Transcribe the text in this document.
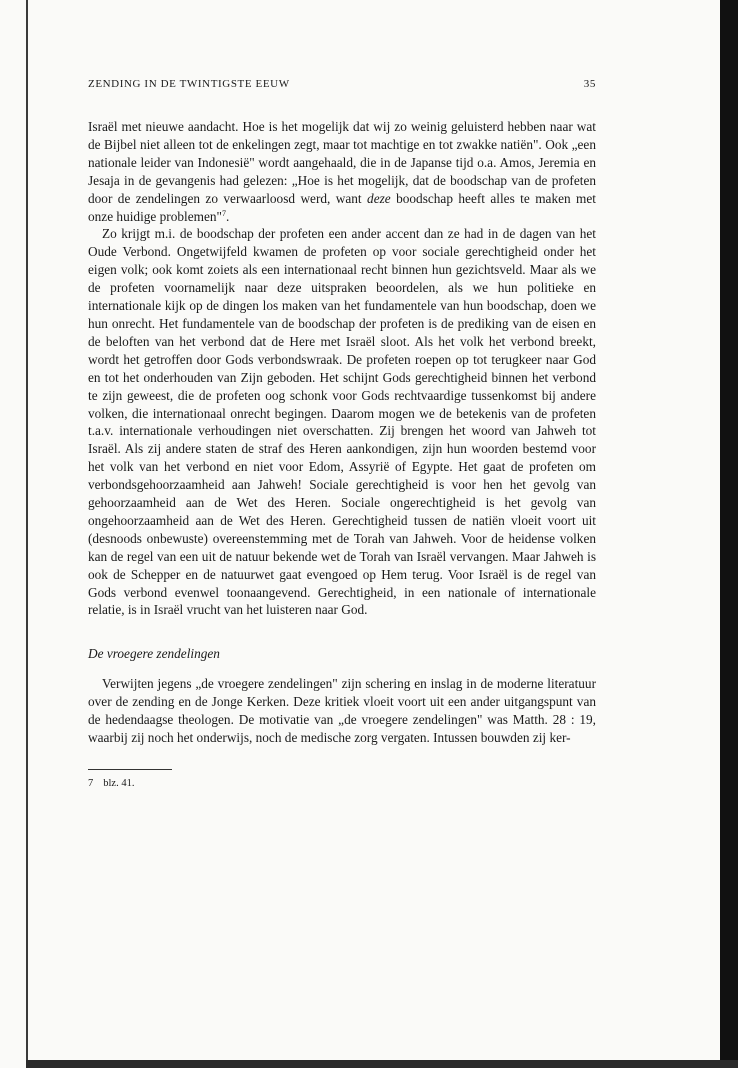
ZENDING IN DE TWINTIGSTE EEUW	35

Israël met nieuwe aandacht. Hoe is het mogelijk dat wij zo weinig geluisterd hebben naar wat de Bijbel niet alleen tot de enkelingen zegt, maar tot machtige en tot zwakke natiën". Ook „een nationale leider van Indonesië" wordt aangehaald, die in de Japanse tijd o.a. Amos, Jeremia en Jesaja in de gevangenis had gelezen: „Hoe is het mogelijk, dat de boodschap van de profeten door de zendelingen zo verwaarloosd werd, want deze boodschap heeft alles te maken met onze huidige problemen"$^7$.

Zo krijgt m.i. de boodschap der profeten een ander accent dan ze had in de dagen van het Oude Verbond. Ongetwijfeld kwamen de profeten op voor sociale gerechtigheid onder het eigen volk; ook komt zoiets als een internationaal recht binnen hun gezichtsveld. Maar als we de profeten voornamelijk naar deze uitspraken beoordelen, als we hun politieke en internationale kijk op de dingen los maken van het fundamentele van hun boodschap, doen we hun onrecht. Het fundamentele van de boodschap der profeten is de prediking van de eisen en de beloften van het verbond dat de Here met Israël sloot. Als het volk het verbond breekt, wordt het getroffen door Gods verbondswraak. De profeten roepen op tot terugkeer naar God en tot het onderhouden van Zijn geboden. Het schijnt Gods gerechtigheid binnen het verbond te zijn geweest, die de profeten oog schonk voor Gods rechtvaardige tussenkomst bij andere volken, die internationaal onrecht begingen. Daarom mogen we de betekenis van de profeten t.a.v. internationale verhoudingen niet overschatten. Zij brengen het woord van Jahweh tot Israël. Als zij andere staten de straf des Heren aankondigen, zijn hun woorden bestemd voor het volk van het verbond en niet voor Edom, Assyrië of Egypte. Het gaat de profeten om verbondsgehoorzaamheid aan Jahweh! Sociale gerechtigheid is voor hen het gevolg van gehoorzaamheid aan de Wet des Heren. Sociale ongerechtigheid is het gevolg van ongehoorzaamheid aan de Wet des Heren. Gerechtigheid tussen de natiën vloeit voort uit (desnoods onbewuste) overeenstemming met de Torah van Jahweh. Voor de heidense volken kan de regel van een uit de natuur bekende wet de Torah van Israël vervangen. Maar Jahweh is ook de Schepper en de natuurwet gaat evengoed op Hem terug. Voor Israël is de regel van Gods verbond evenwel toonaangevend. Gerechtigheid, in een nationale of internationale relatie, is in Israël vrucht van het luisteren naar God.

De vroegere zendelingen

Verwijten jegens „de vroegere zendelingen" zijn schering en inslag in de moderne literatuur over de zending en de Jonge Kerken. Deze kritiek vloeit voort uit een ander uitgangspunt van de hedendaagse theologen. De motivatie van „de vroegere zendelingen" was Matth. 28 : 19, waarbij zij noch het onderwijs, noch de medische zorg vergaten. Intussen bouwden zij ker-

7 blz. 41.
